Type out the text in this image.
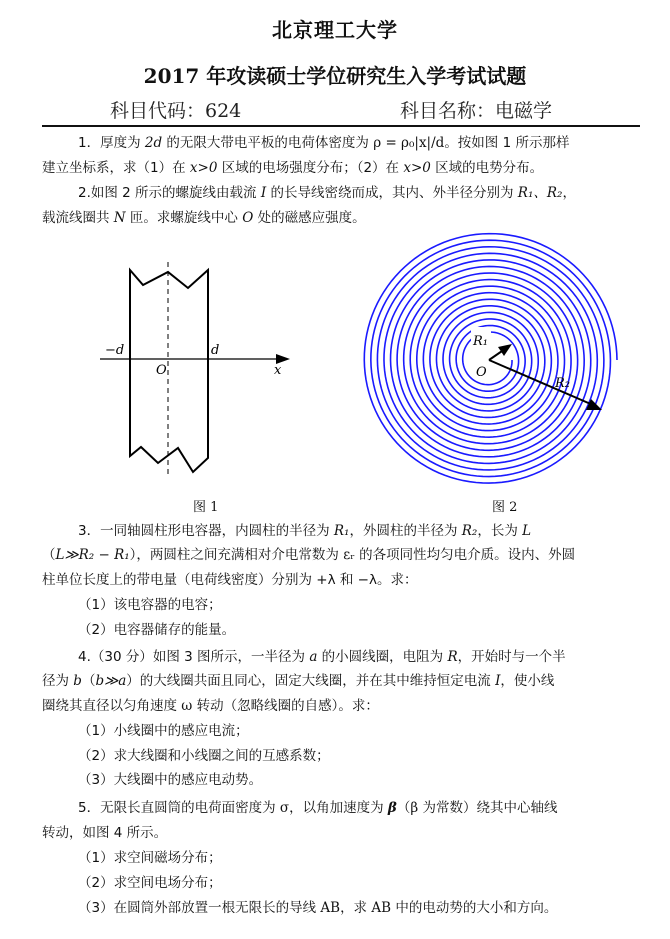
北京理工大学
2017 年攻读硕士学位研究生入学考试试题
科目代码：624	科目名称：电磁学
1．厚度为 2d 的无限大带电平板的电荷体密度为 ρ = ρ₀|x|/d。按如图 1 所示那样
建立坐标系，求（1）在 x>0 区域的电场强度分布；（2）在 x>0 区域的电势分布。
2.如图 2 所示的螺旋线由载流 I 的长导线密绕而成，其内、外半径分别为 R₁、R₂，
载流线圈共 N 匝。求螺旋线中心 O 处的磁感应强度。
−d	d
O	x
图 1
R₁
O
R₂
图 2
3．一同轴圆柱形电容器，内圆柱的半径为 R₁，外圆柱的半径为 R₂，长为 L
（L≫R₂ − R₁），两圆柱之间充满相对介电常数为 εᵣ 的各项同性均匀电介质。设内、外圆
柱单位长度上的带电量（电荷线密度）分别为 +λ 和 −λ。求：
（1）该电容器的电容；
（2）电容器储存的能量。
4.（30 分）如图 3 图所示，一半径为 a 的小圆线圈，电阻为 R，开始时与一个半
径为 b（b≫a）的大线圈共面且同心，固定大线圈，并在其中维持恒定电流 I，使小线
圈绕其直径以匀角速度 ω 转动（忽略线圈的自感）。求：
（1）小线圈中的感应电流；
（2）求大线圈和小线圈之间的互感系数；
（3）大线圈中的感应电动势。
5．无限长直圆筒的电荷面密度为 σ，以角加速度为 β（β 为常数）绕其中心轴线
转动，如图 4 所示。
（1）求空间磁场分布；
（2）求空间电场分布；
（3）在圆筒外部放置一根无限长的导线 AB，求 AB 中的电动势的大小和方向。
